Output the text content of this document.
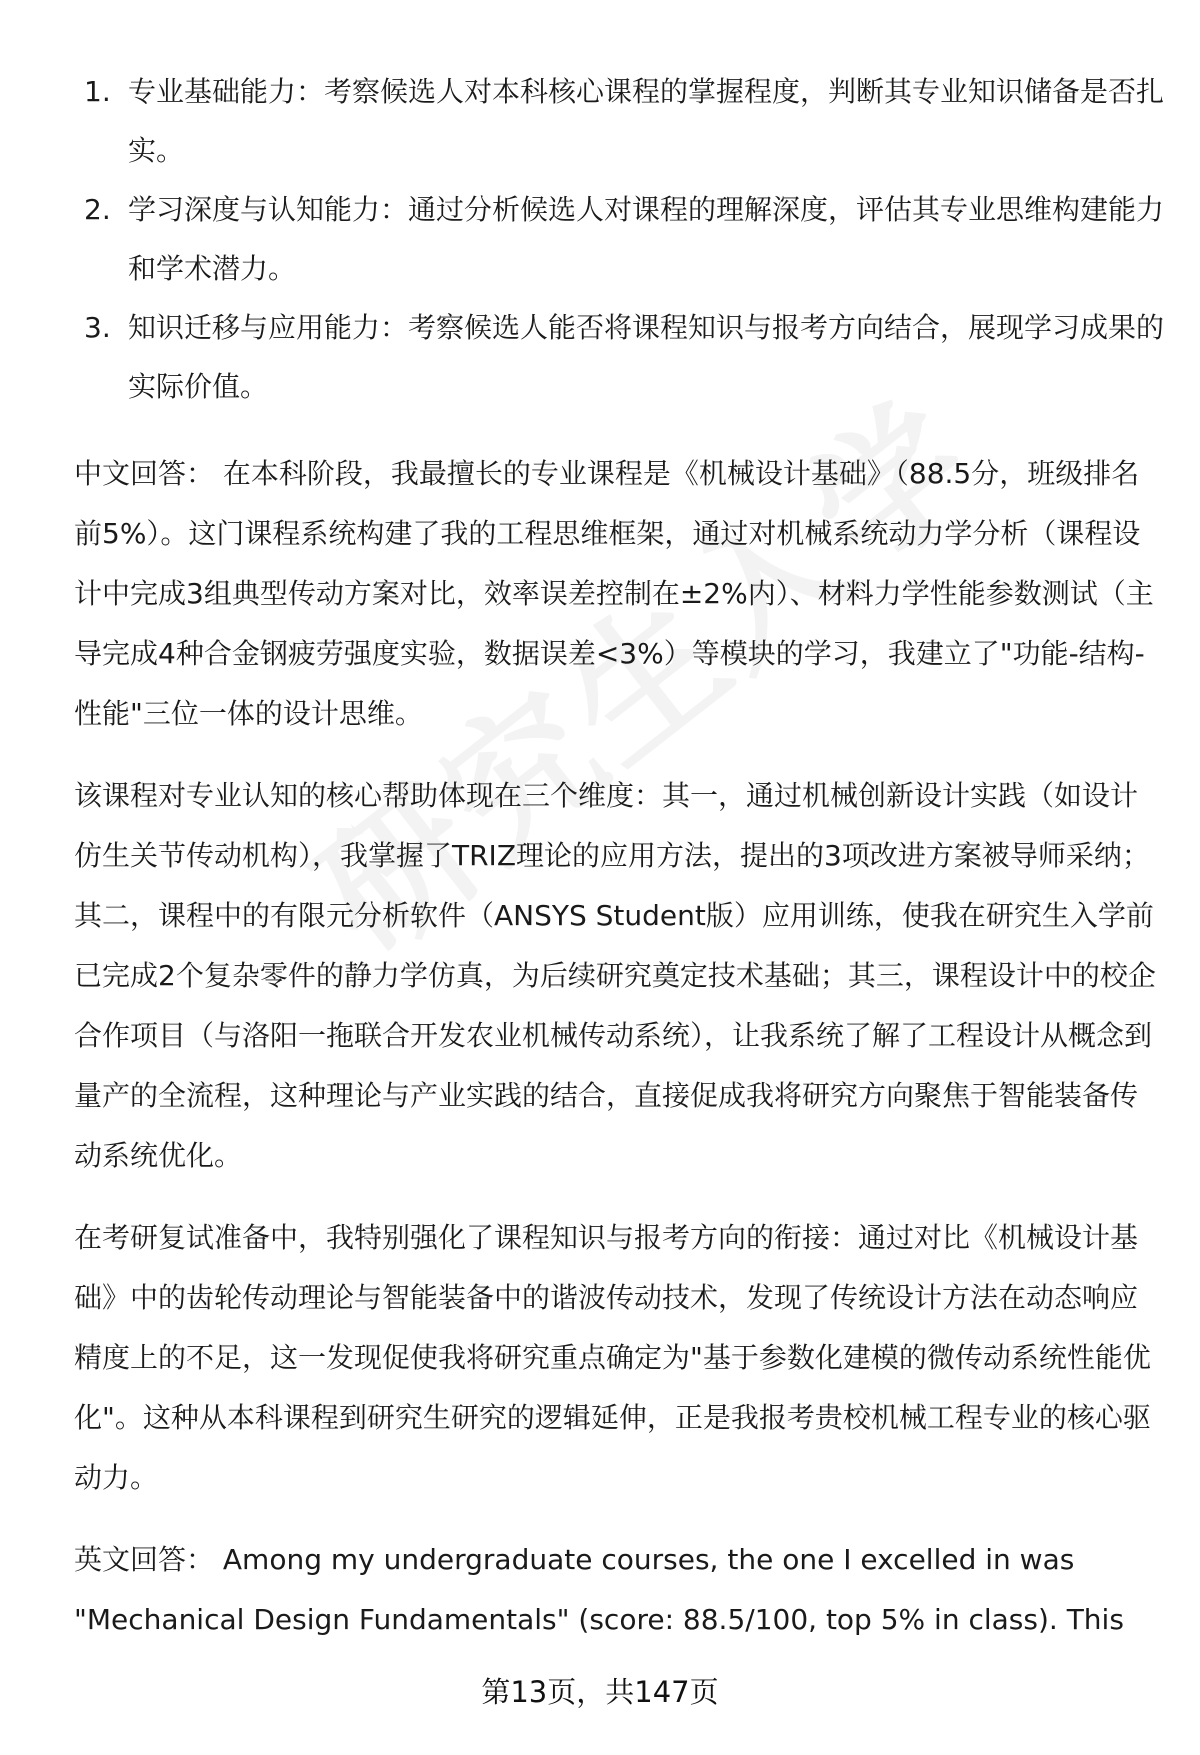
1. 专业基础能力：考察候选人对本科核心课程的掌握程度，判断其专业知识储备是否扎实。
2. 学习深度与认知能力：通过分析候选人对课程的理解深度，评估其专业思维构建能力和学术潜力。
3. 知识迁移与应用能力：考察候选人能否将课程知识与报考方向结合，展现学习成果的实际价值。

中文回答： 在本科阶段，我最擅长的专业课程是《机械设计基础》（88.5分，班级排名前5%）。这门课程系统构建了我的工程思维框架，通过对机械系统动力学分析（课程设计中完成3组典型传动方案对比，效率误差控制在±2%内）、材料力学性能参数测试（主导完成4种合金钢疲劳强度实验，数据误差<3%）等模块的学习，我建立了"功能-结构-性能"三位一体的设计思维。

该课程对专业认知的核心帮助体现在三个维度：其一，通过机械创新设计实践（如设计仿生关节传动机构），我掌握了TRIZ理论的应用方法，提出的3项改进方案被导师采纳；其二，课程中的有限元分析软件（ANSYS Student版）应用训练，使我在研究生入学前已完成2个复杂零件的静力学仿真，为后续研究奠定技术基础；其三，课程设计中的校企合作项目（与洛阳一拖联合开发农业机械传动系统），让我系统了解了工程设计从概念到量产的全流程，这种理论与产业实践的结合，直接促成我将研究方向聚焦于智能装备传动系统优化。

在考研复试准备中，我特别强化了课程知识与报考方向的衔接：通过对比《机械设计基础》中的齿轮传动理论与智能装备中的谐波传动技术，发现了传统设计方法在动态响应精度上的不足，这一发现促使我将研究重点确定为"基于参数化建模的微传动系统性能优化"。这种从本科课程到研究生研究的逻辑延伸，正是我报考贵校机械工程专业的核心驱动力。

英文回答： Among my undergraduate courses, the one I excelled in was "Mechanical Design Fundamentals" (score: 88.5/100, top 5% in class). This

第13页，共147页
